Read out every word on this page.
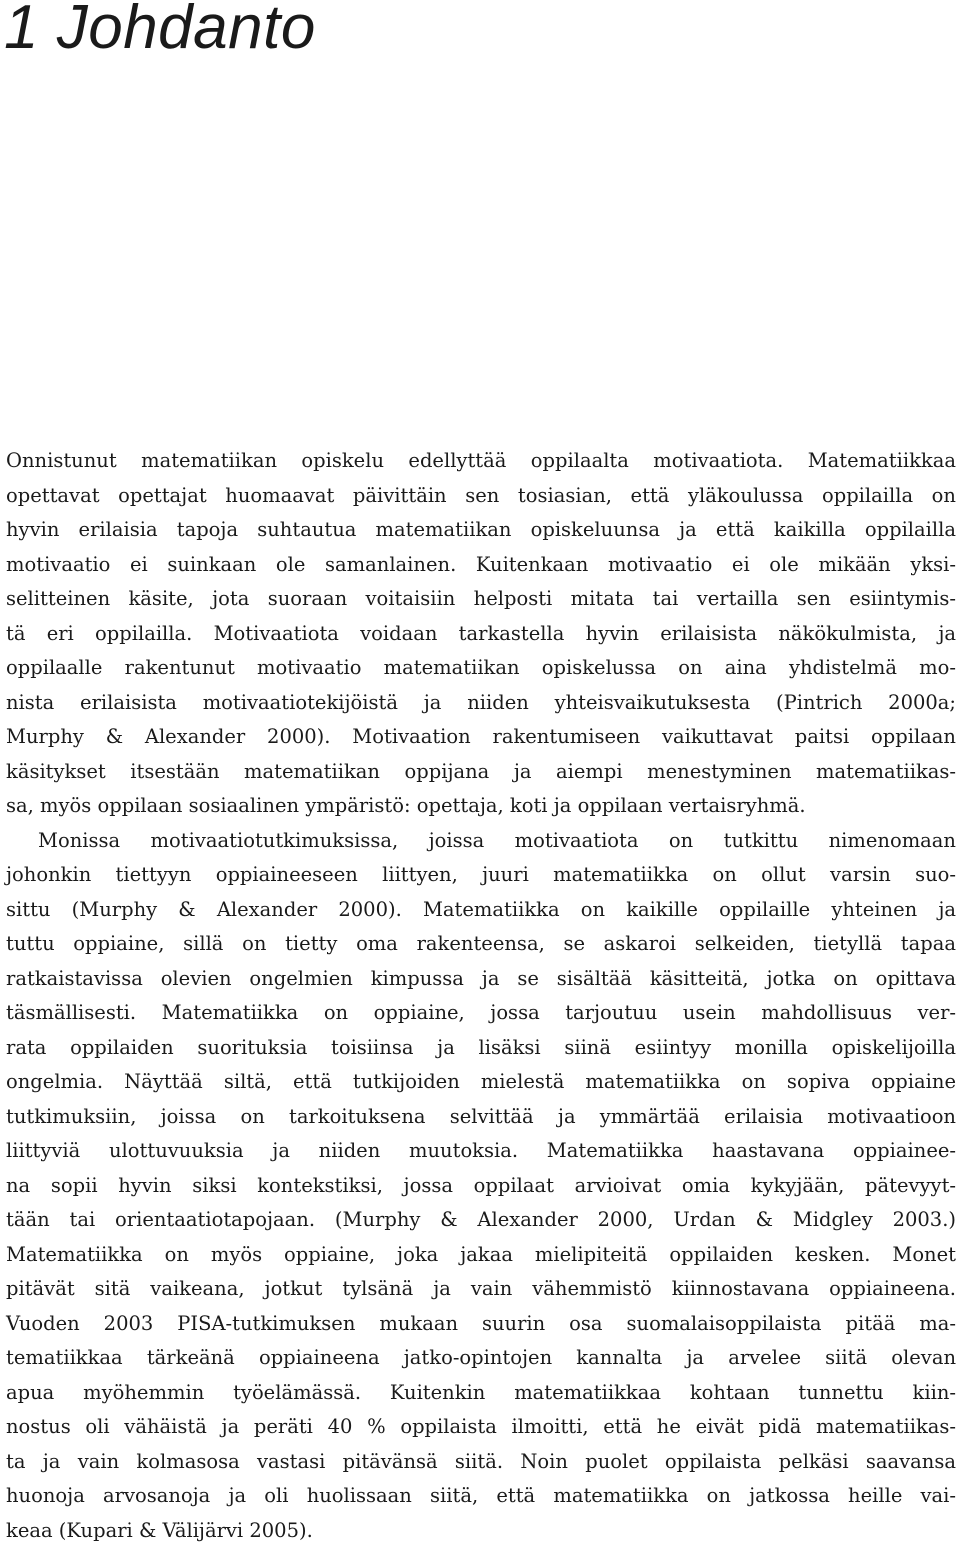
1 Johdanto
Onnistunut matematiikan opiskelu edellyttää oppilaalta motivaatiota. Matematiikkaa
opettavat opettajat huomaavat päivittäin sen tosiasian, että yläkoulussa oppilailla on
hyvin erilaisia tapoja suhtautua matematiikan opiskeluunsa ja että kaikilla oppilailla
motivaatio ei suinkaan ole samanlainen. Kuitenkaan motivaatio ei ole mikään yksi-
selitteinen käsite, jota suoraan voitaisiin helposti mitata tai vertailla sen esiintymis-
tä eri oppilailla. Motivaatiota voidaan tarkastella hyvin erilaisista näkökulmista, ja
oppilaalle rakentunut motivaatio matematiikan opiskelussa on aina yhdistelmä mo-
nista erilaisista motivaatiotekijöistä ja niiden yhteisvaikutuksesta (Pintrich 2000a;
Murphy & Alexander 2000). Motivaation rakentumiseen vaikuttavat paitsi oppilaan
käsitykset itsestään matematiikan oppijana ja aiempi menestyminen matematiikas-
sa, myös oppilaan sosiaalinen ympäristö: opettaja, koti ja oppilaan vertaisryhmä.
Monissa motivaatiotutkimuksissa, joissa motivaatiota on tutkittu nimenomaan
johonkin tiettyyn oppiaineeseen liittyen, juuri matematiikka on ollut varsin suo-
sittu (Murphy & Alexander 2000). Matematiikka on kaikille oppilaille yhteinen ja
tuttu oppiaine, sillä on tietty oma rakenteensa, se askaroi selkeiden, tietyllä tapaa
ratkaistavissa olevien ongelmien kimpussa ja se sisältää käsitteitä, jotka on opittava
täsmällisesti. Matematiikka on oppiaine, jossa tarjoutuu usein mahdollisuus ver-
rata oppilaiden suorituksia toisiinsa ja lisäksi siinä esiintyy monilla opiskelijoilla
ongelmia. Näyttää siltä, että tutkijoiden mielestä matematiikka on sopiva oppiaine
tutkimuksiin, joissa on tarkoituksena selvittää ja ymmärtää erilaisia motivaatioon
liittyviä ulottuvuuksia ja niiden muutoksia. Matematiikka haastavana oppiainee-
na sopii hyvin siksi kontekstiksi, jossa oppilaat arvioivat omia kykyjään, pätevyyt-
tään tai orientaatiotapojaan. (Murphy & Alexander 2000, Urdan & Midgley 2003.)
Matematiikka on myös oppiaine, joka jakaa mielipiteitä oppilaiden kesken. Monet
pitävät sitä vaikeana, jotkut tylsänä ja vain vähemmistö kiinnostavana oppiaineena.
Vuoden 2003 PISA-tutkimuksen mukaan suurin osa suomalaisoppilaista pitää ma-
tematiikkaa tärkeänä oppiaineena jatko-opintojen kannalta ja arvelee siitä olevan
apua myöhemmin työelämässä. Kuitenkin matematiikkaa kohtaan tunnettu kiin-
nostus oli vähäistä ja peräti 40 % oppilaista ilmoitti, että he eivät pidä matematiikas-
ta ja vain kolmasosa vastasi pitävänsä siitä. Noin puolet oppilaista pelkäsi saavansa
huonoja arvosanoja ja oli huolissaan siitä, että matematiikka on jatkossa heille vai-
keaa (Kupari & Välijärvi 2005).
